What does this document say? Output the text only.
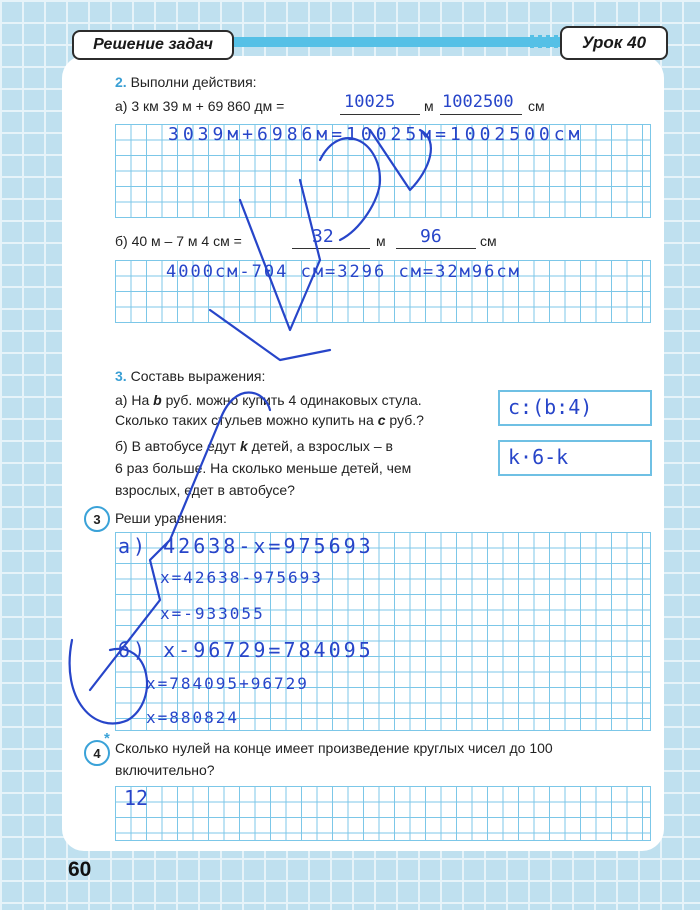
Решение задач	Урок 40
2. Выполни действия:
а) 3 км 39 м + 69 860 дм =	10025 м 1002500 см
3039м+6986м=10025м=1002500см
б) 40 м – 7 м 4 см =	32	м 96	см
4000см-704 см=3296 см=32м96см
3. Составь выражения:
а) На b руб. можно купить 4 одинаковых стула.
Сколько таких стульев можно купить на c руб.?
c:(b:4)
б) В автобусе едут k детей, а взрослых – в
6 раз больше. На сколько меньше детей, чем
взрослых, едет в автобусе?
k·6-k
3	Реши уравнения:
а) 42638-x=975693
x=42638-975693
x=-933055
б) x-96729=784095
x=784095+96729
x=880824
4
*
Сколько нулей на конце имеет произведение круглых чисел до 100
включительно?
12
60
